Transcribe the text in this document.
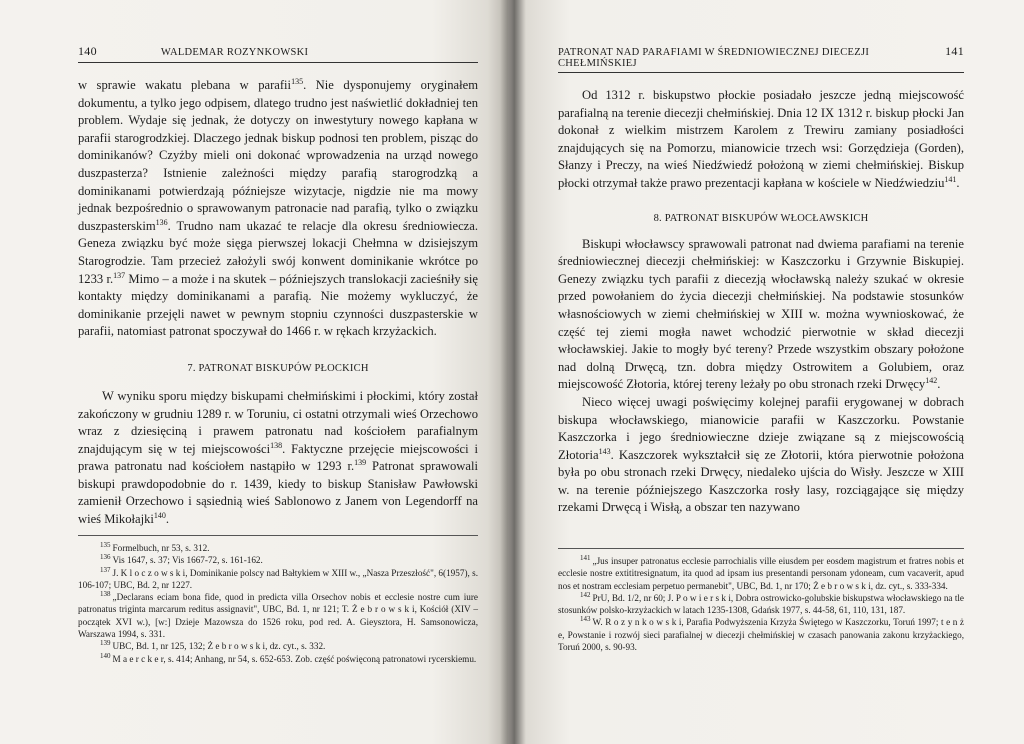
140	WALDEMAR ROZYNKOWSKI

w sprawie wakatu plebana w parafii$^{135}$. Nie dysponujemy oryginałem dokumentu, a tylko jego odpisem, dlatego trudno jest naświetlić dokładniej ten problem. Wydaje się jednak, że dotyczy on inwestytury nowego kapłana w parafii starogrodzkiej. Dlaczego jednak biskup podnosi ten problem, pisząc do dominikanów? Czyżby mieli oni dokonać wprowadzenia na urząd nowego duszpasterza? Istnienie zależności między parafią starogrodzką a dominikanami potwierdzają późniejsze wizytacje, nigdzie nie ma mowy jednak bezpośrednio o sprawowanym patronacie nad parafią, tylko o związku duszpasterskim$^{136}$. Trudno nam ukazać te relacje dla okresu średniowiecza. Geneza związku być może sięga pierwszej lokacji Chełmna w dzisiejszym Starogrodzie. Tam przecież założyli swój konwent dominikanie wkrótce po 1233 r.$^{137}$ Mimo – a może i na skutek – późniejszych translokacji zacieśniły się kontakty między dominikanami a parafią. Nie możemy wykluczyć, że dominikanie przejęli nawet w pewnym stopniu czynności duszpasterskie w parafii, natomiast patronat spoczywał do 1466 r. w rękach krzyżackich.

7. PATRONAT BISKUPÓW PŁOCKICH

W wyniku sporu między biskupami chełmińskimi i płockimi, który został zakończony w grudniu 1289 r. w Toruniu, ci ostatni otrzymali wieś Orzechowo wraz z dziesięciną i prawem patronatu nad kościołem parafialnym znajdującym się w tej miejscowości$^{138}$. Faktyczne przejęcie miejscowości i prawa patronatu nad kościołem nastąpiło w 1293 r.$^{139}$ Patronat sprawowali biskupi prawdopodobnie do r. 1439, kiedy to biskup Stanisław Pawłowski zamienił Orzechowo i sąsiednią wieś Sablonowo z Janem von Legendorff na wieś Mikołajki$^{140}$.

$^{135}$ Formelbuch, nr 53, s. 312.

$^{136}$ Vis 1647, s. 37; Vis 1667-72, s. 161-162.

$^{137}$ J. K l o c z o w s k i, Dominikanie polscy nad Bałtykiem w XIII w., „Nasza Przeszłość", 6(1957), s. 106-107; UBC, Bd. 2, nr 1227.

$^{138}$ „Declarans eciam bona fide, quod in predicta villa Orsechov nobis et ecclesie nostre cum iure patronatus triginta marcarum reditus assignavit", UBC, Bd. 1, nr 121; T. Ż e b r o w s k i, Kościół (XIV – początek XVI w.), [w:] Dzieje Mazowsza do 1526 roku, pod red. A. Gieysztora, H. Samsonowicza, Warszawa 1994, s. 331.

$^{139}$ UBC, Bd. 1, nr 125, 132; Ż e b r o w s k i, dz. cyt., s. 332.

$^{140}$ M a e r c k e r, s. 414; Anhang, nr 54, s. 652-653. Zob. część poświęconą patronatowi rycerskiemu.

PATRONAT NAD PARAFIAMI W ŚREDNIOWIECZNEJ DIECEZJI CHEŁMIŃSKIEJ
141

Od 1312 r. biskupstwo płockie posiadało jeszcze jedną miejscowość parafialną na terenie diecezji chełmińskiej. Dnia 12 IX 1312 r. biskup płocki Jan dokonał z wielkim mistrzem Karolem z Trewiru zamiany posiadłości znajdujących się na Pomorzu, mianowicie trzech wsi: Gorzędzieja (Gorden), Słanzy i Preczy, na wieś Niedźwiedź położoną w ziemi chełmińskiej. Biskup płocki otrzymał także prawo prezentacji kapłana w kościele w Niedźwiedziu$^{141}$.

8. PATRONAT BISKUPÓW WŁOCŁAWSKICH

Biskupi włocławscy sprawowali patronat nad dwiema parafiami na terenie średniowiecznej diecezji chełmińskiej: w Kaszczorku i Grzywnie Biskupiej. Genezy związku tych parafii z diecezją włocławską należy szukać w okresie przed powołaniem do życia diecezji chełmińskiej. Na podstawie stosunków własnościowych w ziemi chełmińskiej w XIII w. można wywnioskować, że część tej ziemi mogła nawet wchodzić pierwotnie w skład diecezji włocławskiej. Jakie to mogły być tereny? Przede wszystkim obszary położone nad dolną Drwęcą, tzn. dobra między Ostrowitem a Golubiem, oraz miejscowość Złotoria, której tereny leżały po obu stronach rzeki Drwęcy$^{142}$.

Nieco więcej uwagi poświęcimy kolejnej parafii erygowanej w dobrach biskupa włocławskiego, mianowicie parafii w Kaszczorku. Powstanie Kaszczorka i jego średniowieczne dzieje związane są z miejscowością Złotoria$^{143}$. Kaszczorek wykształcił się ze Złotorii, która pierwotnie położona była po obu stronach rzeki Drwęcy, niedaleko ujścia do Wisły. Jeszcze w XIII w. na terenie późniejszego Kaszczorka rosły lasy, rozciągające się między rzekami Drwęcą i Wisłą, a obszar ten nazywano

$^{141}$ „Jus insuper patronatus ecclesie parrochialis ville eiusdem per eosdem magistrum et fratres nobis et ecclesie nostre extititresignatum, ita quod ad ipsam ius presentandi personam ydoneam, cum vacaverit, apud nos et nostram ecclesiam perpetuo permanebit", UBC, Bd. 1, nr 170; Ż e b r o w s k i, dz. cyt., s. 333-334.

$^{142}$ PrU, Bd. 1/2, nr 60; J. P o w i e r s k i, Dobra ostrowicko-golubskie biskupstwa włocławskiego na tle stosunków polsko-krzyżackich w latach 1235-1308, Gdańsk 1977, s. 44-58, 61, 110, 131, 187.

$^{143}$ W. R o z y n k o w s k i, Parafia Podwyższenia Krzyża Świętego w Kaszczorku, Toruń 1997; t e n ż e, Powstanie i rozwój sieci parafialnej w diecezji chełmińskiej w czasach panowania zakonu krzyżackiego, Toruń 2000, s. 90-93.
